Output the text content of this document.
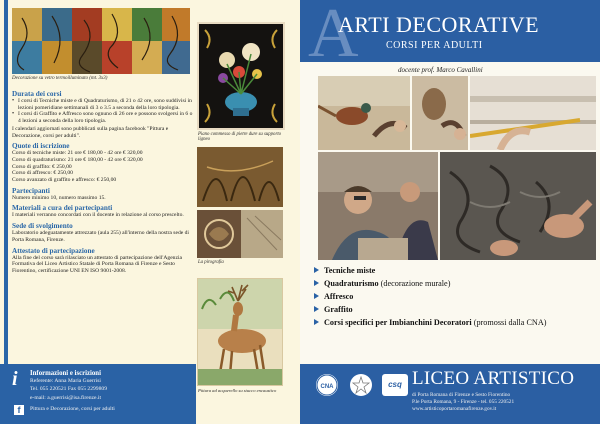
Decorazione su vetro termoilluminato (mt. 3x3)
Durata dei corsi
• I corsi di Tecniche miste e di Quadraturismo, di 21 o 42 ore, sono suddivisi in lezioni pomeridiane settimanali di 3 o 3.5 a seconda della loro tipologia.
• I corsi di Graffito e Affresco sono ognuno di 26 ore e possono svolgersi in 6 o 4 lezioni a seconda della loro tipologia.
I calendari aggiornati sono pubblicati sulla pagina facebook "Pittura e Decorazione, corsi per adulti".
Quote di iscrizione
Corso di tecniche miste: 21 ore € 180,00 - 42 ore € 320,00
Corso di quadraturismo: 21 ore € 180,00 - 42 ore € 320,00
Corso di graffito: € 250,00
Corso di affresco: € 250,00
Corso avanzato di graffito e affresco: € 250,00
Partecipanti
Numero minimo 10, numero massimo 15.
Materiali a cura dei partecipanti
I materiali verranno concordati con il docente in relazione al corso prescelto.
Sede di svolgimento
Laboratorio adeguatamente attrezzato (aula 255) all'interno della nostra sede di Porta Romana, Firenze.
Attestato di partecipazione
Alla fine del corso sarà rilasciato un attestato di partecipazione dell'Agenzia Formativa del Liceo Artistico Statale di Porta Romana di Firenze e Sesto Fiorentino, certificazione UNI EN ISO 9001-2008.
Piano commesso di pietre dure su supporto ligneo
La pirografia
Pittura ad acquerello su stucco encaustico
i Informazioni e iscrizioni
Referente: Anna Maria Guerrisi
Tel. 055 220521 Fax 055 2299809
e-mail: a.guerrisi@isa.firenze.it
f	Pittura e Decorazione, corsi per adulti
A
ARTI DECORATIVE
CORSI PER ADULTI
docente prof. Marco Cavallini
Tecniche miste
Quadraturismo (decorazione murale)
Affresco
Graffito
Corsi specifici per Imbianchini Decoratori (promossi dalla CNA)
CNA	csq LICEO ARTISTICO
di Porta Romana di Firenze e Sesto Fiorentino
P.le Porta Romana, 9 - Firenze - tel. 055 220521
www.artisticoportaromanafirenze.gov.it
